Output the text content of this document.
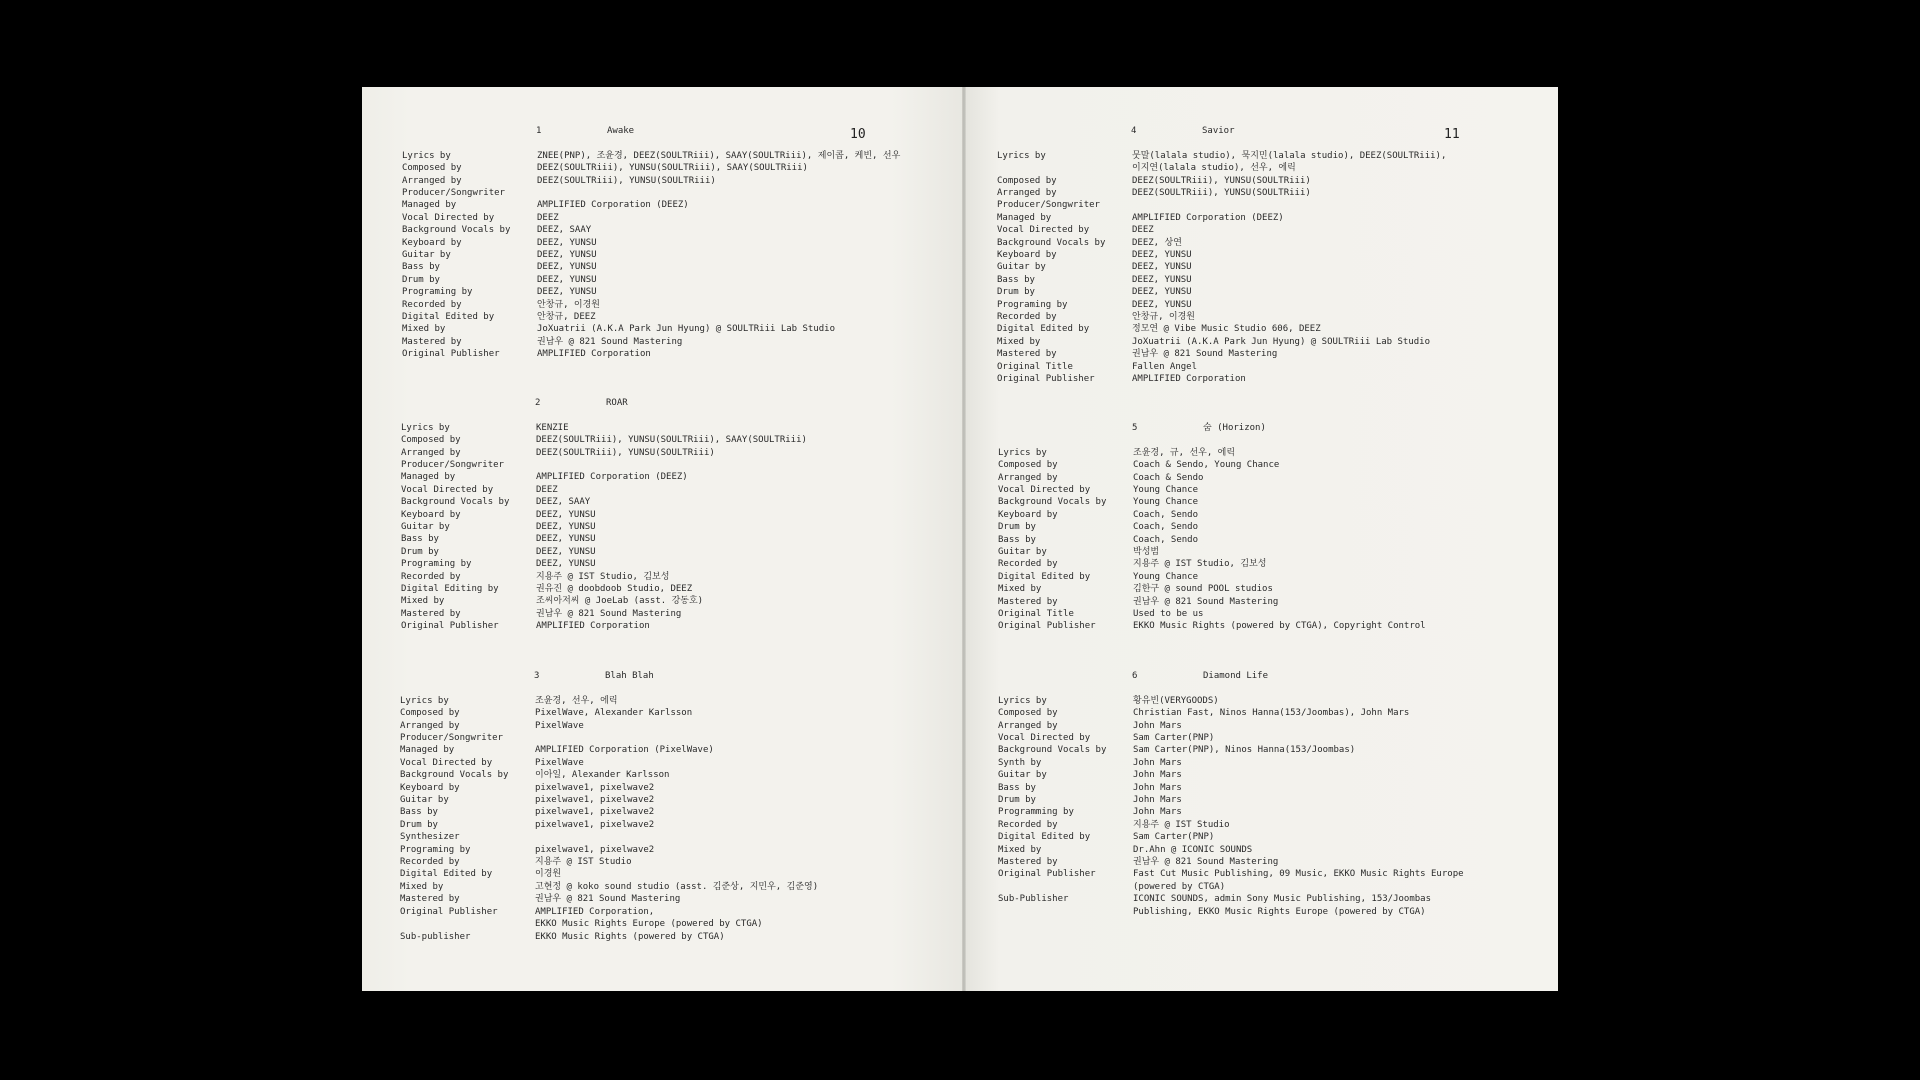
10
1	Awake
Lyrics by	ZNEE(PNP), 조윤경, DEEZ(SOULTRiii), SAAY(SOULTRiii), 제이콥, 케빈, 선우
Composed by	DEEZ(SOULTRiii), YUNSU(SOULTRiii), SAAY(SOULTRiii)
Arranged by	DEEZ(SOULTRiii), YUNSU(SOULTRiii)
Producer/Songwriter
Managed by	AMPLIFIED Corporation (DEEZ)
Vocal Directed by	DEEZ
Background Vocals by	DEEZ, SAAY
Keyboard by	DEEZ, YUNSU
Guitar by	DEEZ, YUNSU
Bass by	DEEZ, YUNSU
Drum by	DEEZ, YUNSU
Programing by	DEEZ, YUNSU
Recorded by	안창규, 이경원
Digital Edited by	안창규, DEEZ
Mixed by	JoXuatrii (A.K.A Park Jun Hyung) @ SOULTRiii Lab Studio
Mastered by	권남우 @ 821 Sound Mastering
Original Publisher	AMPLIFIED Corporation
2	ROAR
Lyrics by	KENZIE
Composed by	DEEZ(SOULTRiii), YUNSU(SOULTRiii), SAAY(SOULTRiii)
Arranged by	DEEZ(SOULTRiii), YUNSU(SOULTRiii)
Producer/Songwriter
Managed by	AMPLIFIED Corporation (DEEZ)
Vocal Directed by	DEEZ
Background Vocals by	DEEZ, SAAY
Keyboard by	DEEZ, YUNSU
Guitar by	DEEZ, YUNSU
Bass by	DEEZ, YUNSU
Drum by	DEEZ, YUNSU
Programing by	DEEZ, YUNSU
Recorded by	지용주 @ IST Studio, 김보성
Digital Editing by	권유진 @ doobdoob Studio, DEEZ
Mixed by	조씨아저씨 @ JoeLab (asst. 강동호)
Mastered by	권남우 @ 821 Sound Mastering
Original Publisher	AMPLIFIED Corporation
3	Blah Blah
Lyrics by	조윤경, 선우, 에릭
Composed by	PixelWave, Alexander Karlsson
Arranged by	PixelWave
Producer/Songwriter
Managed by	AMPLIFIED Corporation (PixelWave)
Vocal Directed by	PixelWave
Background Vocals by	이아일, Alexander Karlsson
Keyboard by	pixelwave1, pixelwave2
Guitar by	pixelwave1, pixelwave2
Bass by	pixelwave1, pixelwave2
Drum by	pixelwave1, pixelwave2
Synthesizer
Programing by	pixelwave1, pixelwave2
Recorded by	지용주 @ IST Studio
Digital Edited by	이경원
Mixed by	고현정 @ koko sound studio (asst. 김준상, 지민우, 김준영)
Mastered by	권남우 @ 821 Sound Mastering
Original Publisher	AMPLIFIED Corporation,
EKKO Music Rights Europe (powered by CTGA)
Sub-publisher	EKKO Music Rights (powered by CTGA)
11
4	Savior
Lyrics by	뭇말(lalala studio), 묵지민(lalala studio), DEEZ(SOULTRiii),
이지연(lalala studio), 선우, 에릭
Composed by	DEEZ(SOULTRiii), YUNSU(SOULTRiii)
Arranged by	DEEZ(SOULTRiii), YUNSU(SOULTRiii)
Producer/Songwriter
Managed by	AMPLIFIED Corporation (DEEZ)
Vocal Directed by	DEEZ
Background Vocals by	DEEZ, 상연
Keyboard by	DEEZ, YUNSU
Guitar by	DEEZ, YUNSU
Bass by	DEEZ, YUNSU
Drum by	DEEZ, YUNSU
Programing by	DEEZ, YUNSU
Recorded by	안창규, 이경원
Digital Edited by	정모연 @ Vibe Music Studio 606, DEEZ
Mixed by	JoXuatrii (A.K.A Park Jun Hyung) @ SOULTRiii Lab Studio
Mastered by	권남우 @ 821 Sound Mastering
Original Title	Fallen Angel
Original Publisher	AMPLIFIED Corporation
5	숨 (Horizon)
Lyrics by	조윤경, 규, 선우, 에릭
Composed by	Coach & Sendo, Young Chance
Arranged by	Coach & Sendo
Vocal Directed by	Young Chance
Background Vocals by	Young Chance
Keyboard by	Coach, Sendo
Drum by	Coach, Sendo
Bass by	Coach, Sendo
Guitar by	박성범
Recorded by	지용주 @ IST Studio, 김보성
Digital Edited by	Young Chance
Mixed by	김한구 @ sound POOL studios
Mastered by	권남우 @ 821 Sound Mastering
Original Title	Used to be us
Original Publisher	EKKO Music Rights (powered by CTGA), Copyright Control
6	Diamond Life
Lyrics by	황유빈(VERYGOODS)
Composed by	Christian Fast, Ninos Hanna(153/Joombas), John Mars
Arranged by	John Mars
Vocal Directed by	Sam Carter(PNP)
Background Vocals by	Sam Carter(PNP), Ninos Hanna(153/Joombas)
Synth by	John Mars
Guitar by	John Mars
Bass by	John Mars
Drum by	John Mars
Programming by	John Mars
Recorded by	지용주 @ IST Studio
Digital Edited by	Sam Carter(PNP)
Mixed by	Dr.Ahn @ ICONIC SOUNDS
Mastered by	권남우 @ 821 Sound Mastering
Original Publisher	Fast Cut Music Publishing, 09 Music, EKKO Music Rights Europe
(powered by CTGA)
Sub-Publisher	ICONIC SOUNDS, admin Sony Music Publishing, 153/Joombas
Publishing, EKKO Music Rights Europe (powered by CTGA)
